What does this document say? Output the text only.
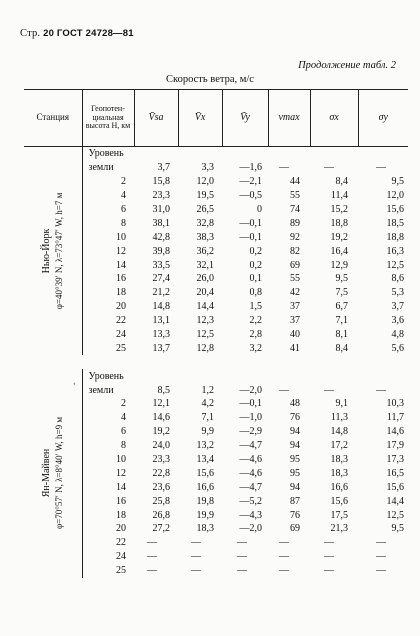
Стр. 20 ГОСТ 24728—81
Продолжение табл. 2
Скорость ветра, м/с
Станция	Геопотен-циальная высота H, км	V̄sa	V̄x	V̄y	vmax	σx	σy

Нью-Йорк φ=40°39′ N, λ=73°47′ W, h=7 м	Уровень						
	земли	3,7	3,3	—1,6	—	—	—
	2	15,8	12,0	—2,1	44	8,4	9,5
	4	23,3	19,5	—0,5	55	11,4	12,0
	6	31,0	26,5	0	74	15,2	15,6
	8	38,1	32,8	—0,1	89	18,8	18,5
	10	42,8	38,3	—0,1	92	19,2	18,8
	12	39,8	36,2	0,2	82	16,4	16,3
	14	33,5	32,1	0,2	69	12,9	12,5
	16	27,4	26,0	0,1	55	9,5	8,6
	18	21,2	20,4	0,8	42	7,5	5,3
	20	14,8	14,4	1,5	37	6,7	3,7
	22	13,1	12,3	2,2	37	7,1	3,6
	24	13,3	12,5	2,8	40	8,1	4,8
	25	13,7	12,8	3,2	41	8,4	5,6

Ян-Майвен φ=70°57′ N, λ=8°40′ W, h=9 м	Уровень						
	земли	8,5	1,2	—2,0	—	—	—
	2	12,1	4,2	—0,1	48	9,1	10,3
	4	14,6	7,1	—1,0	76	11,3	11,7
	6	19,2	9,9	—2,9	94	14,8	14,6
	8	24,0	13,2	—4,7	94	17,2	17,9
	10	23,3	13,4	—4,6	95	18,3	17,3
	12	22,8	15,6	—4,6	95	18,3	16,5
	14	23,6	16,6	—4,7	94	16,6	15,6
	16	25,8	19,8	—5,2	87	15,6	14,4
	18	26,8	19,9	—4,3	76	17,5	12,5
	20	27,2	18,3	—2,0	69	21,3	9,5
	22	—	—	—	—	—	—
	24	—	—	—	—	—	—
	25	—	—	—	—	—	—
ʻ
